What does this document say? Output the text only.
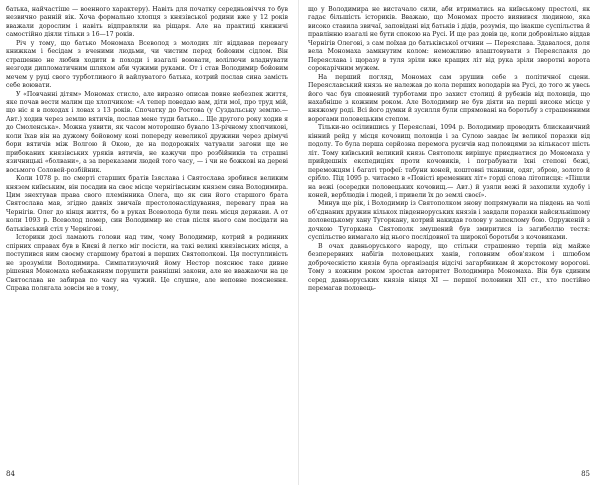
батька, найчастіше — военного характеру). Навіть для початку середньовіччя то був незвично ранній вік. Хоча формально хлопця з князівської родини вже у 12 років вважали дорослим і навіть відправляли на ріщаря. Але на практиці княжичі самостійно діяли тільки з 16—17 років.

Річ у тому, що батько Мономаха Всеволод з молодих літ віддавав перевагу книжкам і бесідам з вченими людьми, чи чистим перед бойовим сідлом. Він страшенно не любив ходити в походи і взагалі воювати, волілючи владнувати незгоди дипломатичним шляхом аби чужими руками. От і став Володимир бойовим мечем у руці свого турботливого й вайлуватого батька, котрий послав сина замість себе воювати.

У «Повчанні дітям» Мономах стисло, але виразно описав повне небезпек життя, яке почав вести малим ще хлопчиком: «А тепер поведаю вам, діти мої, про труд мій, що ніс я в походах і ловах з 13 років. Спочатку до Ростова (у Суздальську землю.— Авт.) ходив через землю вятичів, послав мене туди батько... Ще другого року ходив я до Смоленська». Можна уявити, як часом моторошно бувало 13-річному хлопчикові, коли їхав він на дужому бойовому коні попереду невеликої дружини через дрімучі бори вятичів між Волгою й Окою, де на подорожніх чатували загони ще не прибоканих князівських уряків вятичів, не кажучи про розбійників та страшні язичницькі «болвани», а за переказами людей того часу, — і чи не божкові на дереві восьмого Соловей-розбійник.

Коли 1078 р. по смерті старших братів Ізяслава і Святослава зробився великим князем київським, він посадив на своє місце чернігівським князем сина Володимира. Цим знехтував права свого племінника Олега, що як син його старшого брата Святослава мав, згідно давніх звичаїв престолонаслідування, перевагу прав на Чернігів. Олег до кінця життя, бо в руках Всеволода були пень місця держави. А от коли 1093 р. Всеволод помер, син Володимир не став після нього сам посідати на батьківський стіл у Чернігові.

Історики досі ламають голови над тим, чому Володимир, котрий в родинних спірних справах був в Києві й легко міг посісти, на такі великі князівських місця, а поступився ним своєму старшому братові в перших Святополкові. Ця поступливість не зрозуміли Володимира. Симпатизуючий йому Нестор пояснює таке дивне рішення Мономаха небажанням порушити раннішні закони, але не вважаючи на це Святослава не забирав по часу на чужий. Це слушне, але неповне пояснення. Справа полягала зовсім не в тому,

84

що у Володимира не вистачало сили, аби втриматись на київському престолі, як гадає більшість істориків. Вважаю, що Мономах просто виявився людиною, яка високо ставила звичаї, заповідані від батьків і дідів, розумія, що інакше суспільства й правлінню взагалі не бути спокою на Русі. И ще раз довів це, коли добровільно віддав Чернігів Олегові, з сам поїхав до батьківської отчини — Переяслава. Здавалося, доля вела Мономаха замкнутим колом: неможливо влаштовувати з Переяславля до Переяслава і щоразу в туля зріли вже кращих літ від рука зріли зворотні ворота сорокарічним мужем.

На перший погляд, Мономах сам зрушив себе з політичної сцени. Переяславський князь не належав до кола перших володарів на Русі, до того ж увесь його час був сповнений турботами про захист столиці й рубежів від половців, що нахабніше з кожним роком. Але Володимир не був діяти на перші високе місце у княжому роді. Всі його думки й зусилля були спрямовані на боротьбу з страшенними ворогами половецьким степом.

Тільки-но осілившись у Переяславі, 1094 р. Володимир проводить блискавичний кінний рейд у місця кочовищ половців і за Сулою завдає їм великої поразки від подолу. То була перша серйозна перемога русичів над половцями за кількасот шість літ. Тому київський великий князь Святополк вирішує приєднатися до Мономаха у прийдешніх експедиціях проти кочовиків, і пограбувати їхні степові бежі, переможцям і багаті трофеї: табуни коней, коштовні тканини, одяг, зброю, золото й срібло. Під 1095 р. читаємо в «Повісті временних літ» горді слова літописця: «Пішли на вежі (осередки половецьких кочовищ.— Авт.) й узяли вежі й захопили худобу і коней, верблюдів і людей, і привели їх до землі своєї».

Минув ще рік, і Володимир із Святополком знову попрямували на південь на чолі об'єднаних дружин кількох південноруських князів і завдали поразки найсильнішому половецькому хану Тугоркану, котрий накидав голову у запеклому бою. Одруженій з дочкою Тугоркана Святополк змушений був змиритися із загибеллю тестя: суспільство вимагало від нього послідовної та широкої боротьби з кочовиками.

В очах давньоруського народу, що стільки страшенно терпів від майже безперервних набігів половецьких ханів, головним обов'язком і шлюбом доброчесністю князів була організація відсічі загарбникам й жорстокому ворогові. Тому з кожним роком зростав авторитет Володимира Мономаха. Він був єдиним серед давньоруських князів кінця XI — першої половини XII ст., хто постійно перемагав половець-

85
